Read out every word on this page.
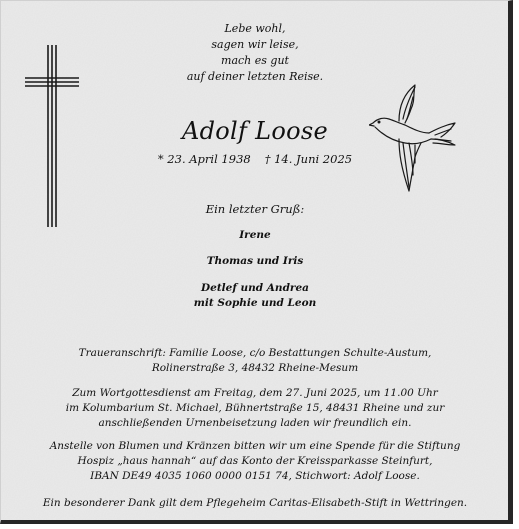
Lebe wohl,
sagen wir leise,
mach es gut
auf deiner letzten Reise.
Adolf Loose
* 23. April 1938 † 14. Juni 2025
Ein letzter Gruß:
Irene
Thomas und Iris
Detlef und Andrea
mit Sophie und Leon
Traueranschrift: Familie Loose, c/o Bestattungen Schulte-Austum,
Rolinerstraße 3, 48432 Rheine-Mesum
Zum Wortgottesdienst am Freitag, dem 27. Juni 2025, um 11.00 Uhr
im Kolumbarium St. Michael, Bühnertstraße 15, 48431 Rheine und zur
anschließenden Urnenbeisetzung laden wir freundlich ein.
Anstelle von Blumen und Kränzen bitten wir um eine Spende für die Stiftung
Hospiz „haus hannah“ auf das Konto der Kreissparkasse Steinfurt,
IBAN DE49 4035 1060 0000 0151 74, Stichwort: Adolf Loose.
Ein besonderer Dank gilt dem Pflegeheim Caritas-Elisabeth-Stift in Wettringen.
